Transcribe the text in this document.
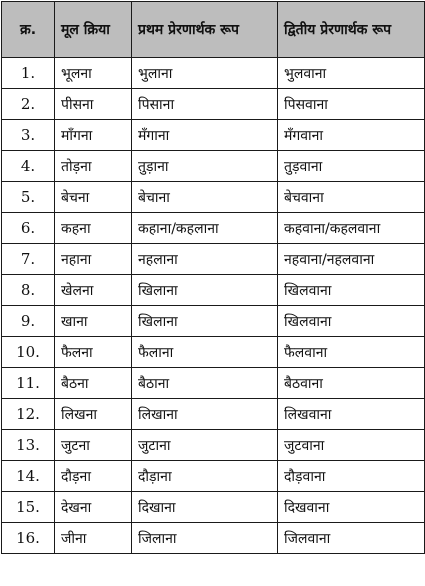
क्र.	मूल क्रिया	प्रथम प्रेरणार्थक रूप	द्वितीय प्रेरणार्थक रूप
1.	भूलना	भुलाना	भुलवाना
2.	पीसना	पिसाना	पिसवाना
3.	माँगना	मँगाना	मँगवाना
4.	तोड़ना	तुड़ाना	तुड़वाना
5.	बेचना	बेचाना	बेचवाना
6.	कहना	कहाना/कहलाना	कहवाना/कहलवाना
7.	नहाना	नहलाना	नहवाना/नहलवाना
8.	खेलना	खिलाना	खिलवाना
9.	खाना	खिलाना	खिलवाना
10.	फैलना	फैलाना	फैलवाना
11.	बैठना	बैठाना	बैठवाना
12.	लिखना	लिखाना	लिखवाना
13.	जुटना	जुटाना	जुटवाना
14.	दौड़ना	दौड़ाना	दौड़वाना
15.	देखना	दिखाना	दिखवाना
16.	जीना	जिलाना	जिलवाना
